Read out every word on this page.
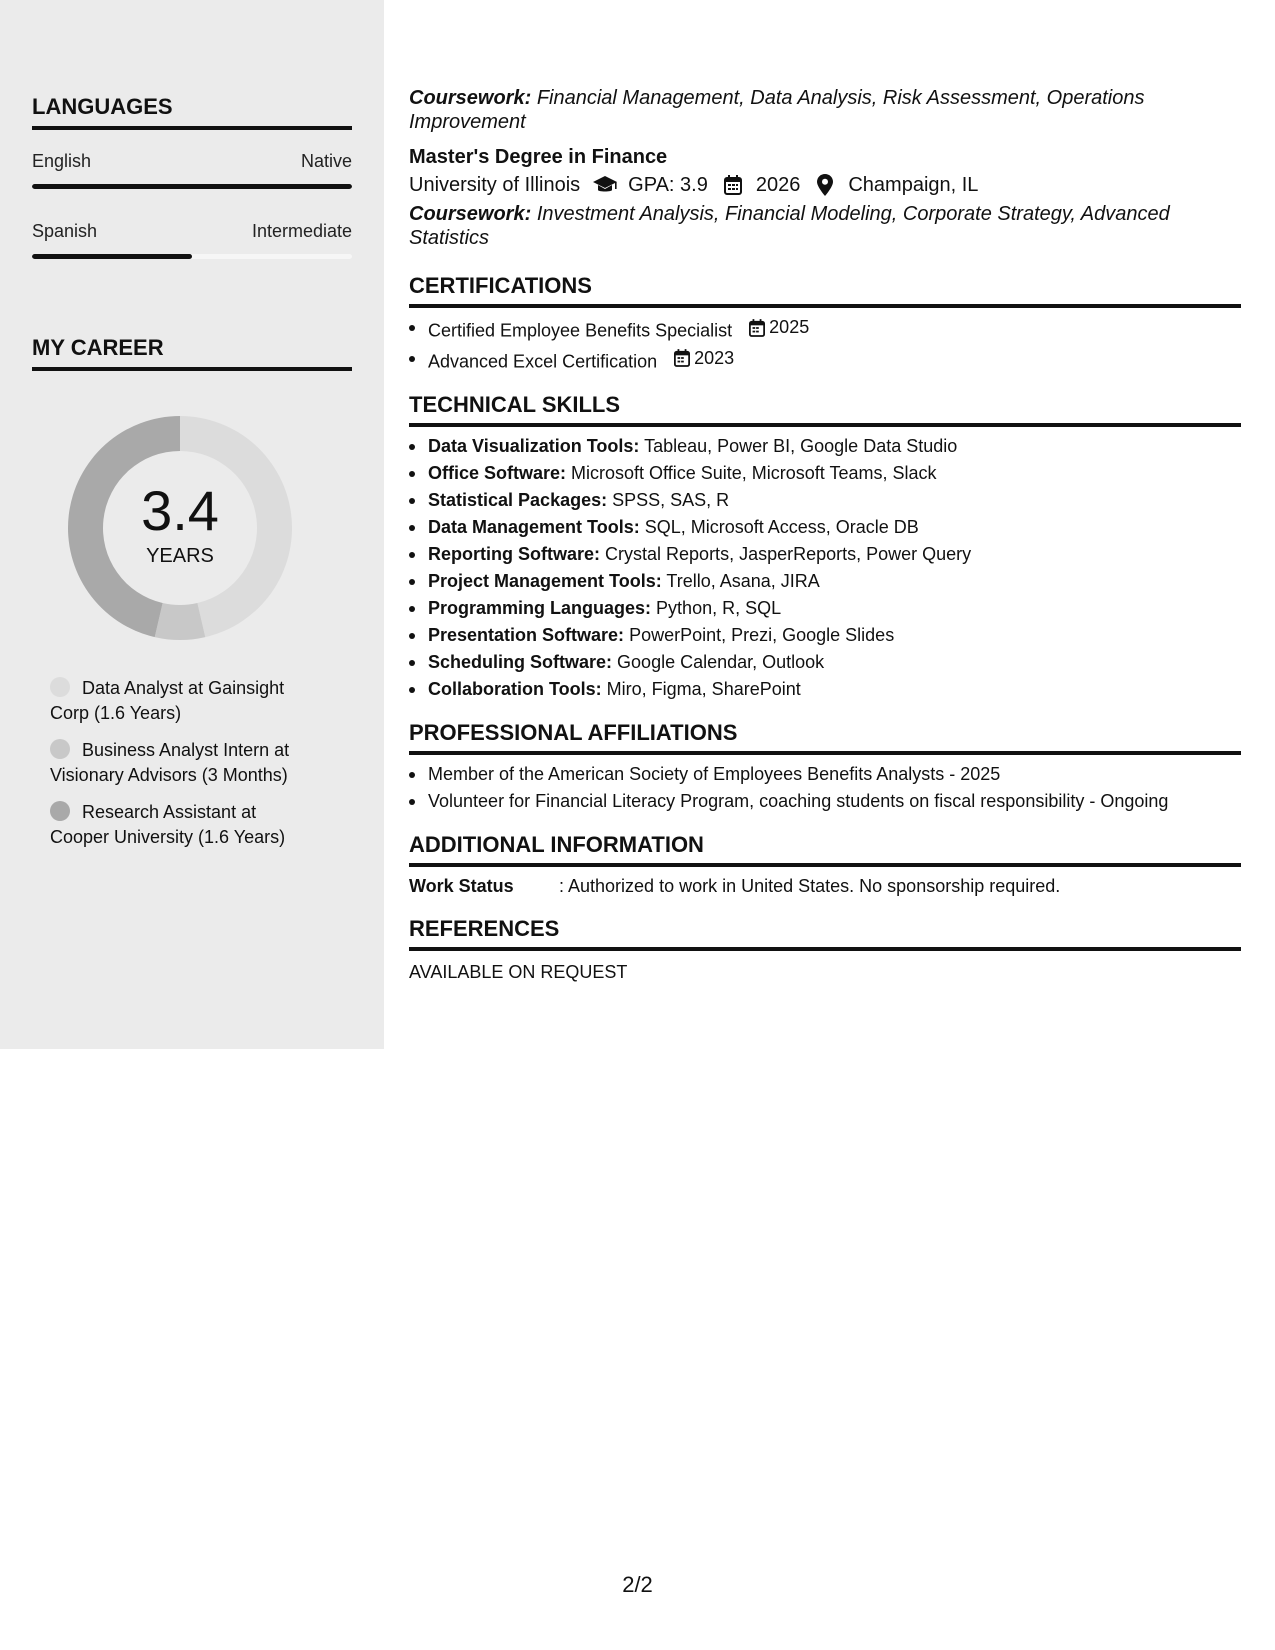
LANGUAGES
English	Native
Spanish	Intermediate
MY CAREER
3.4
YEARS
Data Analyst at Gainsight Corp (1.6 Years)
Business Analyst Intern at Visionary Advisors (3 Months)
Research Assistant at Cooper University (1.6 Years)

Coursework: Financial Management, Data Analysis, Risk Assessment, Operations Improvement

Master's Degree in Finance
University of Illinois GPA: 3.9 2026 Champaign, IL

Coursework: Investment Analysis, Financial Modeling, Corporate Strategy, Advanced Statistics

CERTIFICATIONS
Certified Employee Benefits Specialist 2025
Advanced Excel Certification 2023
TECHNICAL SKILLS
Data Visualization Tools: Tableau, Power BI, Google Data Studio
Office Software: Microsoft Office Suite, Microsoft Teams, Slack
Statistical Packages: SPSS, SAS, R
Data Management Tools: SQL, Microsoft Access, Oracle DB
Reporting Software: Crystal Reports, JasperReports, Power Query
Project Management Tools: Trello, Asana, JIRA
Programming Languages: Python, R, SQL
Presentation Software: PowerPoint, Prezi, Google Slides
Scheduling Software: Google Calendar, Outlook
Collaboration Tools: Miro, Figma, SharePoint
PROFESSIONAL AFFILIATIONS
Member of the American Society of Employees Benefits Analysts - 2025
Volunteer for Financial Literacy Program, coaching students on fiscal responsibility - Ongoing
ADDITIONAL INFORMATION
Work Status	: Authorized to work in United States. No sponsorship required.
REFERENCES
AVAILABLE ON REQUEST
2/2
